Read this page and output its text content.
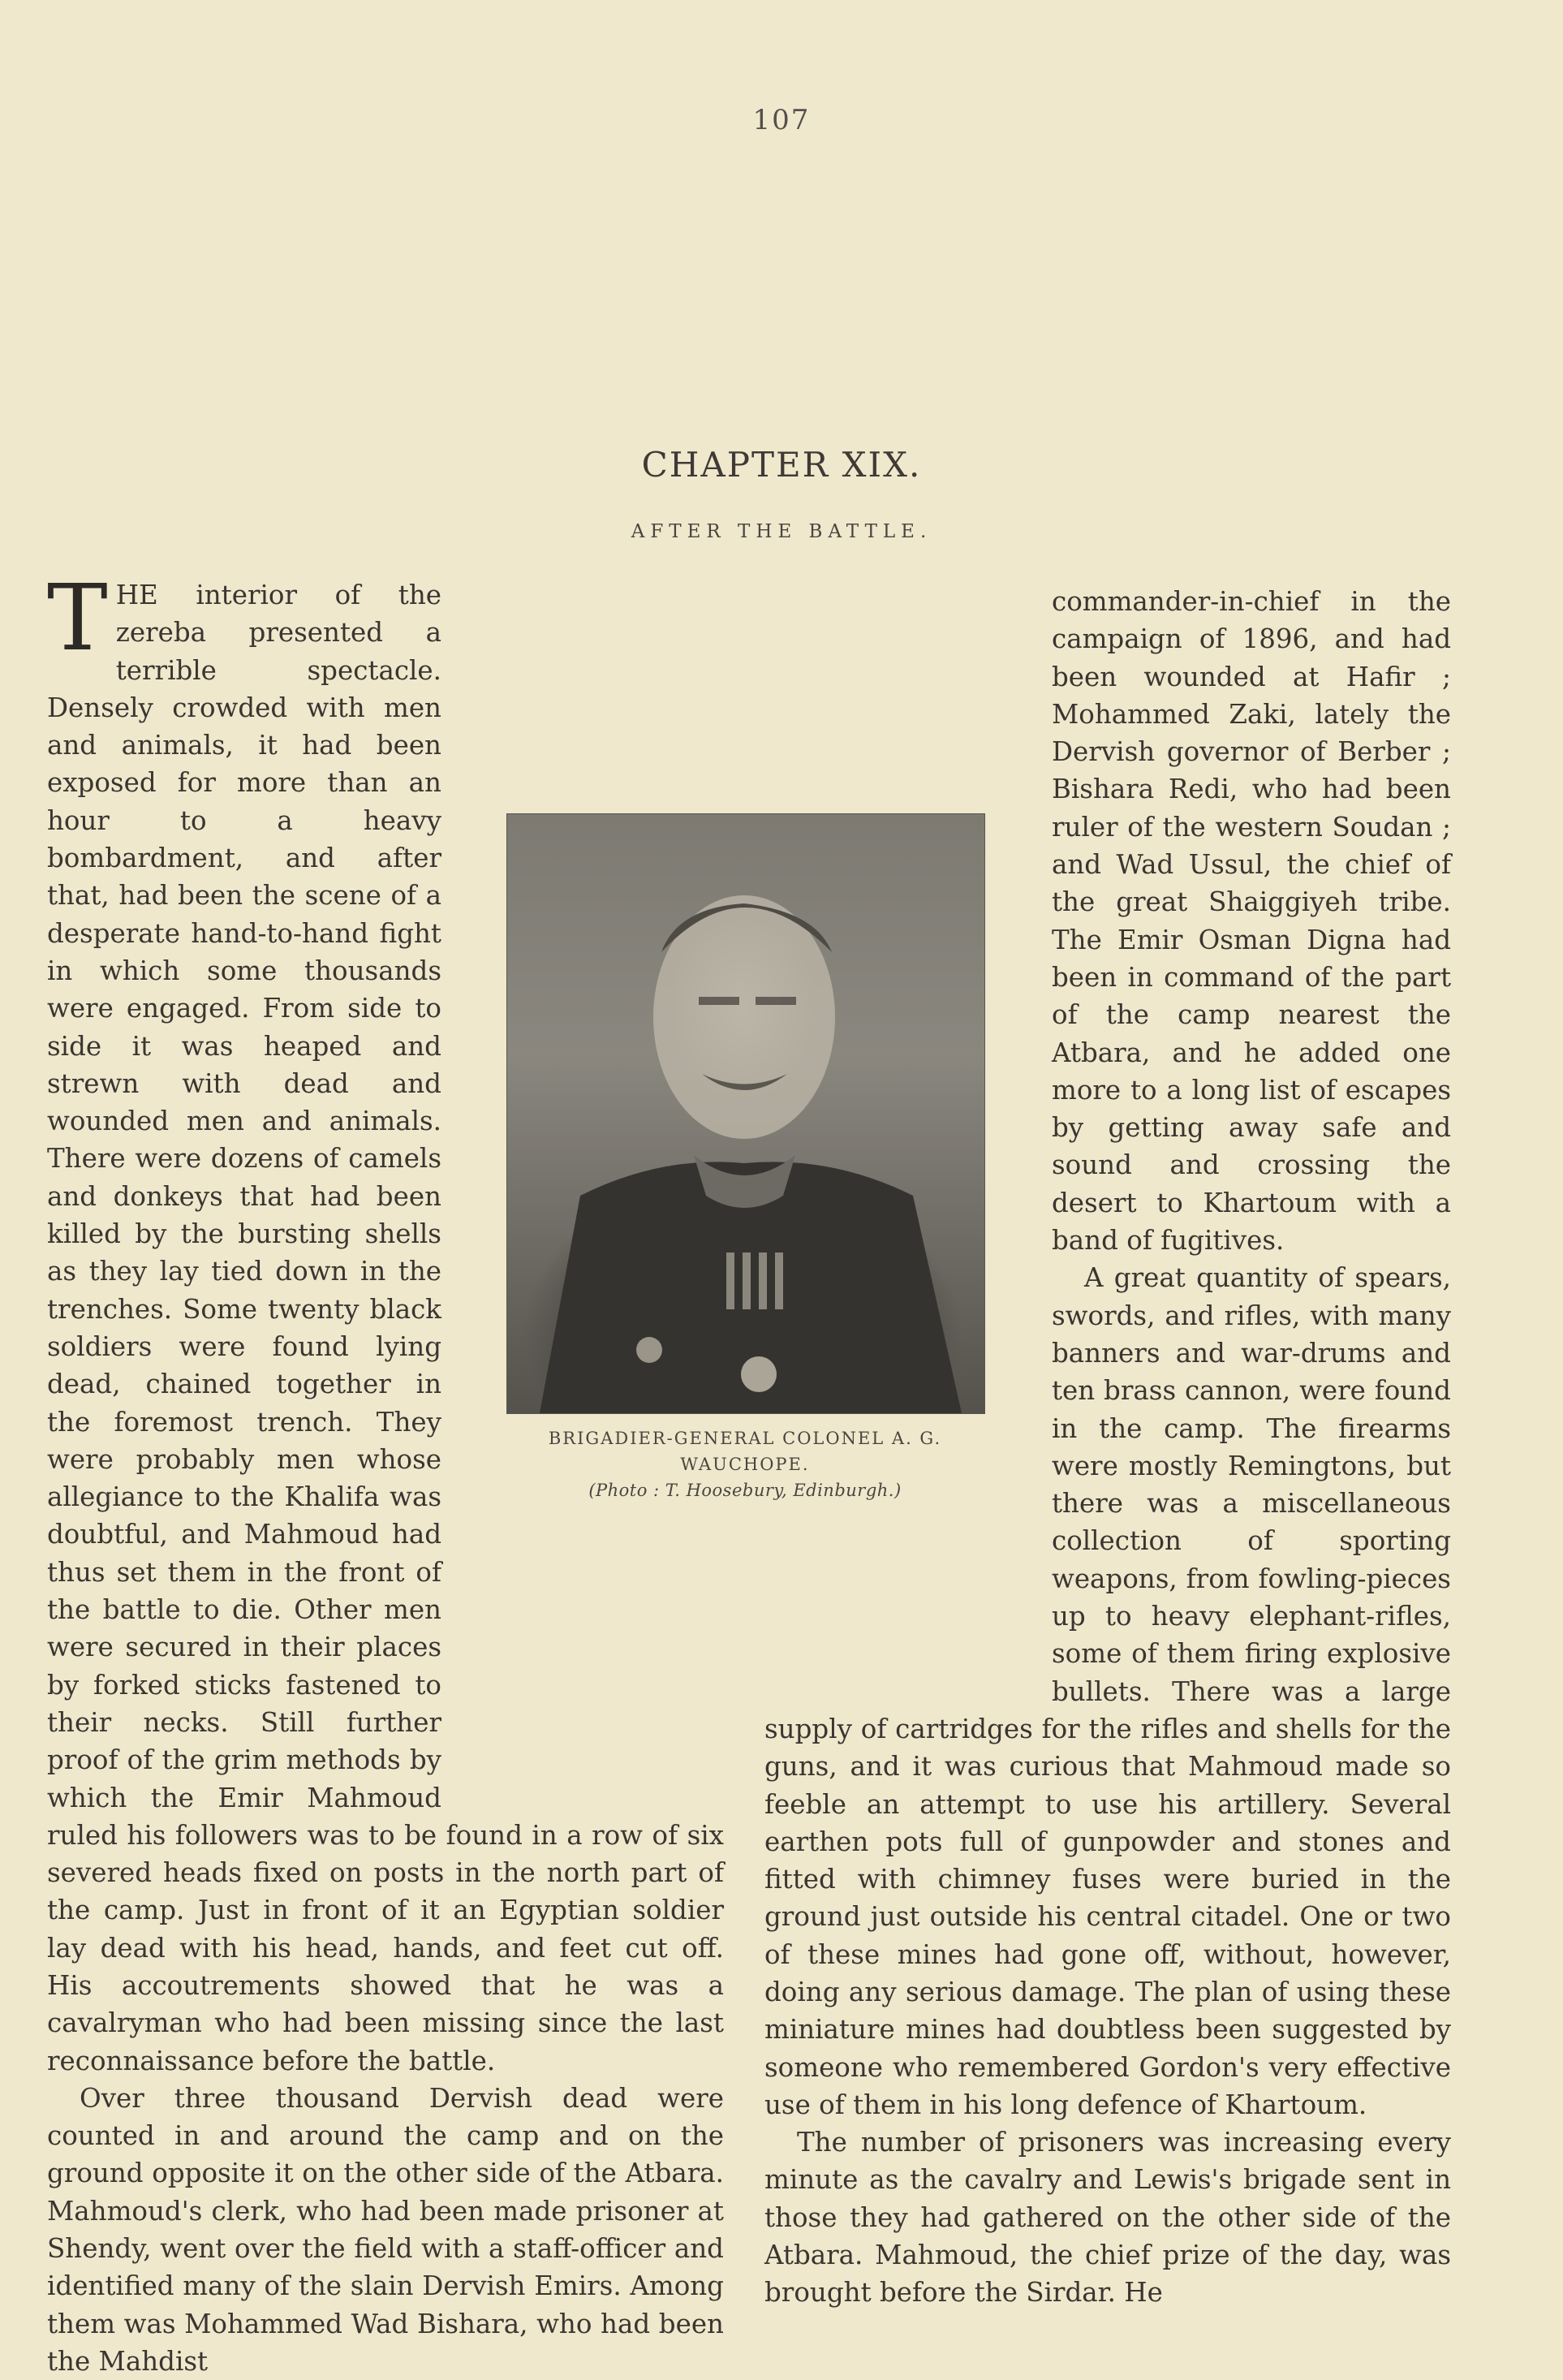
107
CHAPTER XIX.
AFTER THE BATTLE.

THE interior of the zereba presented a terrible spectacle. Densely crowded with men and animals, it had been exposed for more than an hour to a heavy bombardment, and after that, had been the scene of a desperate hand-to-hand fight in which some thousands were engaged. From side to side it was heaped and strewn with dead and wounded men and animals. There were dozens of camels and donkeys that had been killed by the bursting shells as they lay tied down in the trenches. Some twenty black soldiers were found lying dead, chained together in the foremost trench. They were probably men whose allegiance to the Khalifa was doubtful, and Mahmoud had thus set them in the front of the battle to die. Other men were secured in their places by forked sticks fastened to their necks. Still further proof of the grim methods by which the Emir Mahmoud ruled his followers was to be found in a row of six severed heads fixed on posts in the north part of the camp. Just in front of it an Egyptian soldier lay dead with his head, hands, and feet cut off. His accoutrements showed that he was a cavalryman who had been missing since the last reconnaissance before the battle.

Over three thousand Dervish dead were counted in and around the camp and on the ground opposite it on the other side of the Atbara. Mahmoud's clerk, who had been made prisoner at Shendy, went over the field with a staff-officer and identified many of the slain Dervish Emirs. Among them was Mohammed Wad Bishara, who had been the Mahdist

commander-in-chief in the campaign of 1896, and had been wounded at Hafir ; Mohammed Zaki, lately the Dervish governor of Berber ; Bishara Redi, who had been ruler of the western Soudan ; and Wad Ussul, the chief of the great Shaiggiyeh tribe. The Emir Osman Digna had been in command of the part of the camp nearest the Atbara, and he added one more to a long list of escapes by getting away safe and sound and crossing the desert to Khartoum with a band of fugitives.

A great quantity of spears, swords, and rifles, with many banners and war-drums and ten brass cannon, were found in the camp. The firearms were mostly Remingtons, but there was a miscellaneous collection of sporting weapons, from fowling-pieces up to heavy elephant-rifles, some of them firing explosive bullets. There was a large supply of cartridges for the rifles and shells for the guns, and it was curious that Mahmoud made so feeble an attempt to use his artillery. Several earthen pots full of gunpowder and stones and fitted with chimney fuses were buried in the ground just outside his central citadel. One or two of these mines had gone off, without, however, doing any serious damage. The plan of using these miniature mines had doubtless been suggested by someone who remembered Gordon's very effective use of them in his long defence of Khartoum.

The number of prisoners was increasing every minute as the cavalry and Lewis's brigade sent in those they had gathered on the other side of the Atbara. Mahmoud, the chief prize of the day, was brought before the Sirdar. He

BRIGADIER-GENERAL COLONEL A. G.
WAUCHOPE.
(Photo : T. Hoosebury, Edinburgh.)
